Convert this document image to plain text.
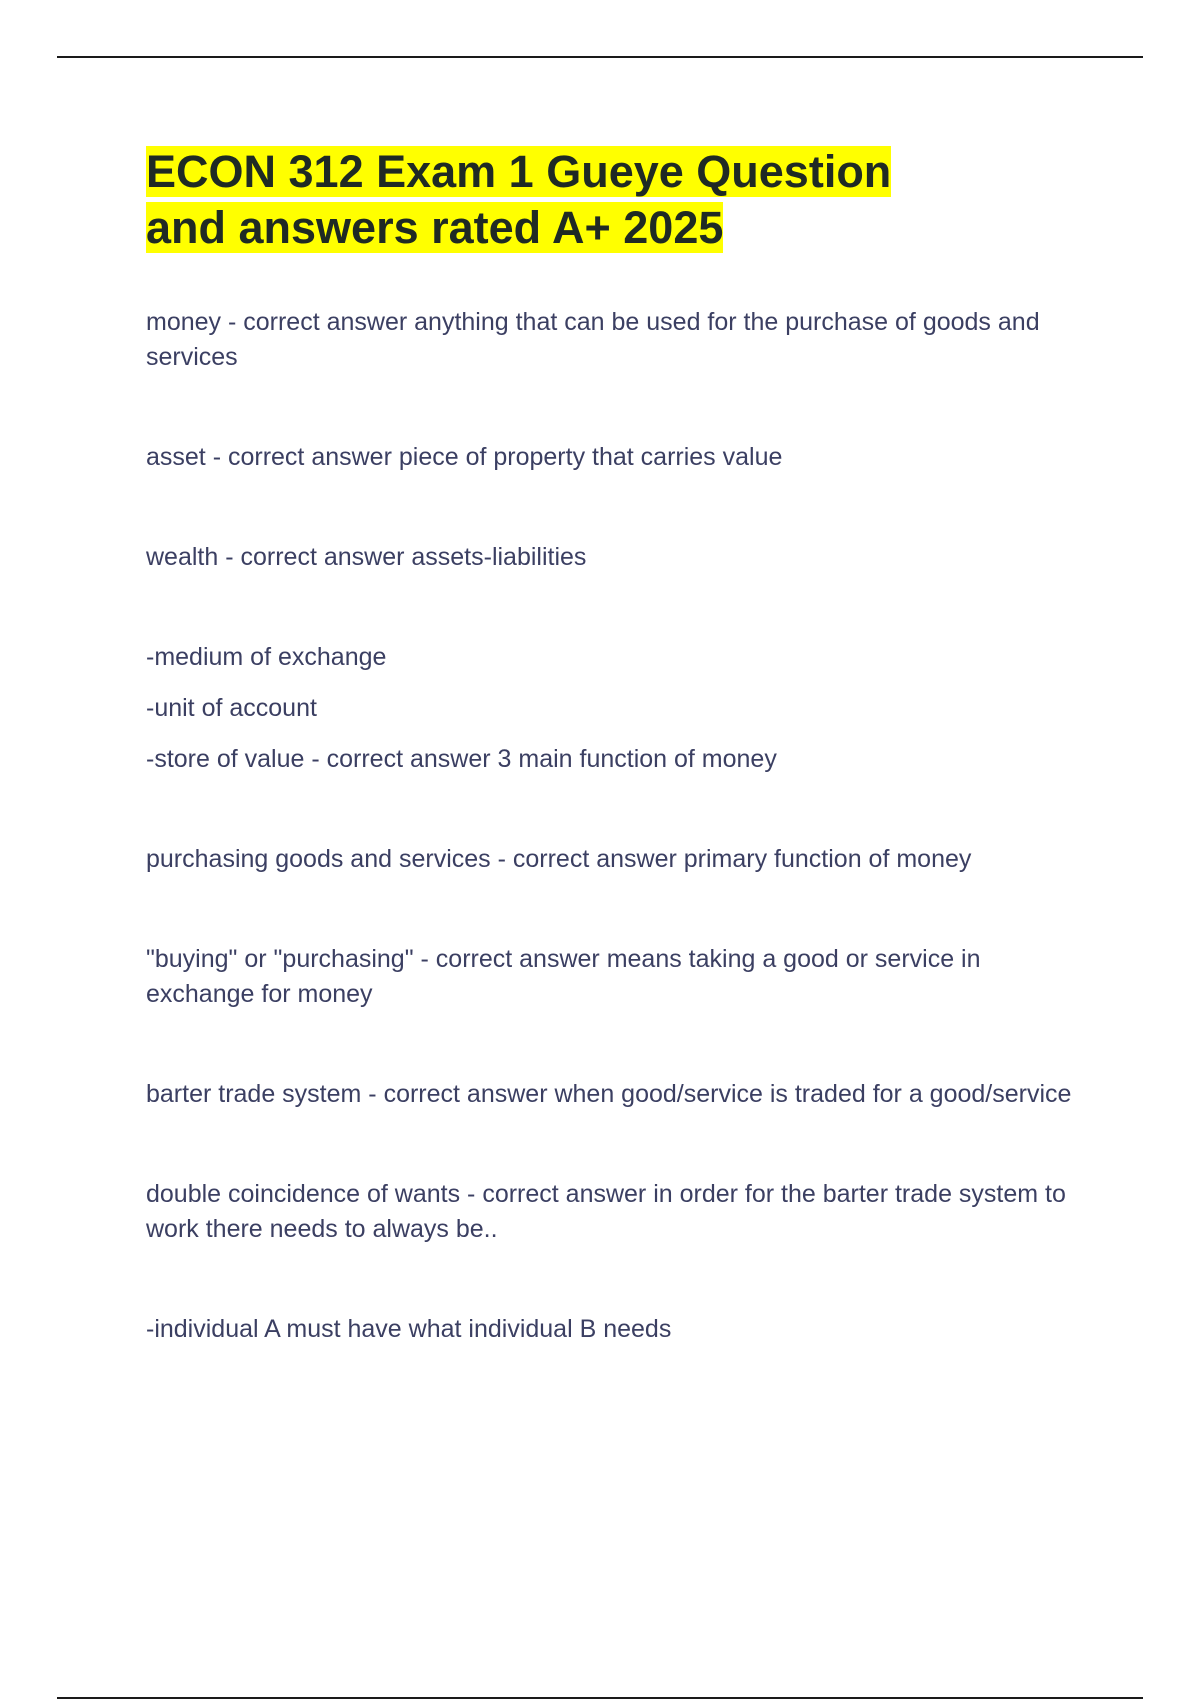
ECON 312 Exam 1 Gueye Question
and answers rated A+ 2025

money - correct answer anything that can be used for the purchase of goods and services

asset - correct answer piece of property that carries value

wealth - correct answer assets-liabilities

-medium of exchange

-unit of account

-store of value - correct answer 3 main function of money

purchasing goods and services - correct answer primary function of money

"buying" or "purchasing" - correct answer means taking a good or service in exchange for money

barter trade system - correct answer when good/service is traded for a good/service

double coincidence of wants - correct answer in order for the barter trade system to work there needs to always be..

-individual A must have what individual B needs
